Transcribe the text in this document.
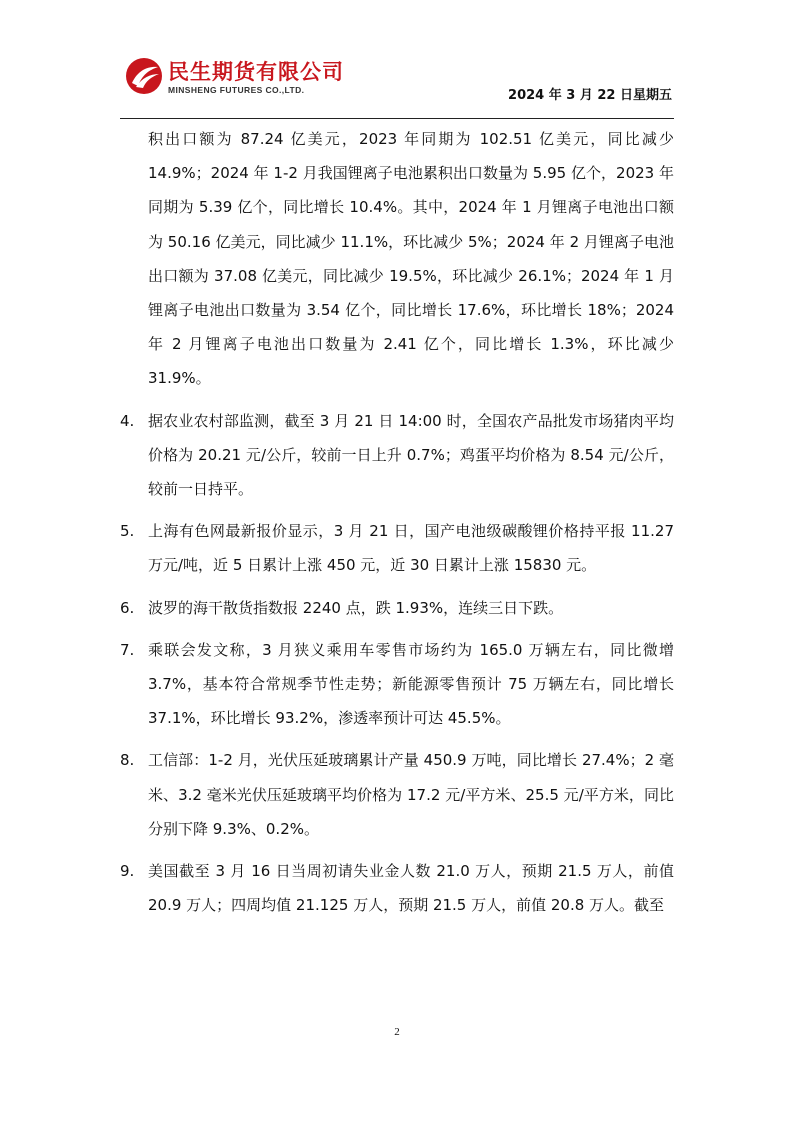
民生期货有限公司
MINSHENG FUTURES CO.,LTD.	2024 年 3 月 22 日星期五
积出口额为 87.24 亿美元，2023 年同期为 102.51 亿美元，同比减少 14.9%；2024 年 1-2 月我国锂离子电池累积出口数量为 5.95 亿个，2023 年同期为 5.39 亿个，同比增长 10.4%。其中，2024 年 1 月锂离子电池出口额为 50.16 亿美元，同比减少 11.1%，环比减少 5%；2024 年 2 月锂离子电池出口额为 37.08 亿美元，同比减少 19.5%，环比减少 26.1%；2024 年 1 月锂离子电池出口数量为 3.54 亿个，同比增长 17.6%，环比增长 18%；2024 年 2 月锂离子电池出口数量为 2.41 亿个，同比增长 1.3%，环比减少 31.9%。
4. 据农业农村部监测，截至 3 月 21 日 14:00 时，全国农产品批发市场猪肉平均价格为 20.21 元/公斤，较前一日上升 0.7%；鸡蛋平均价格为 8.54 元/公斤，较前一日持平。
5. 上海有色网最新报价显示，3 月 21 日，国产电池级碳酸锂价格持平报 11.27 万元/吨，近 5 日累计上涨 450 元，近 30 日累计上涨 15830 元。
6. 波罗的海干散货指数报 2240 点，跌 1.93%，连续三日下跌。
7. 乘联会发文称，3 月狭义乘用车零售市场约为 165.0 万辆左右，同比微增 3.7%，基本符合常规季节性走势；新能源零售预计 75 万辆左右，同比增长 37.1%，环比增长 93.2%，渗透率预计可达 45.5%。
8. 工信部：1-2 月，光伏压延玻璃累计产量 450.9 万吨，同比增长 27.4%；2 毫米、3.2 毫米光伏压延玻璃平均价格为 17.2 元/平方米、25.5 元/平方米，同比分别下降 9.3%、0.2%。
9. 美国截至 3 月 16 日当周初请失业金人数 21.0 万人，预期 21.5 万人，前值 20.9 万人；四周均值 21.125 万人，预期 21.5 万人，前值 20.8 万人。截至
2
